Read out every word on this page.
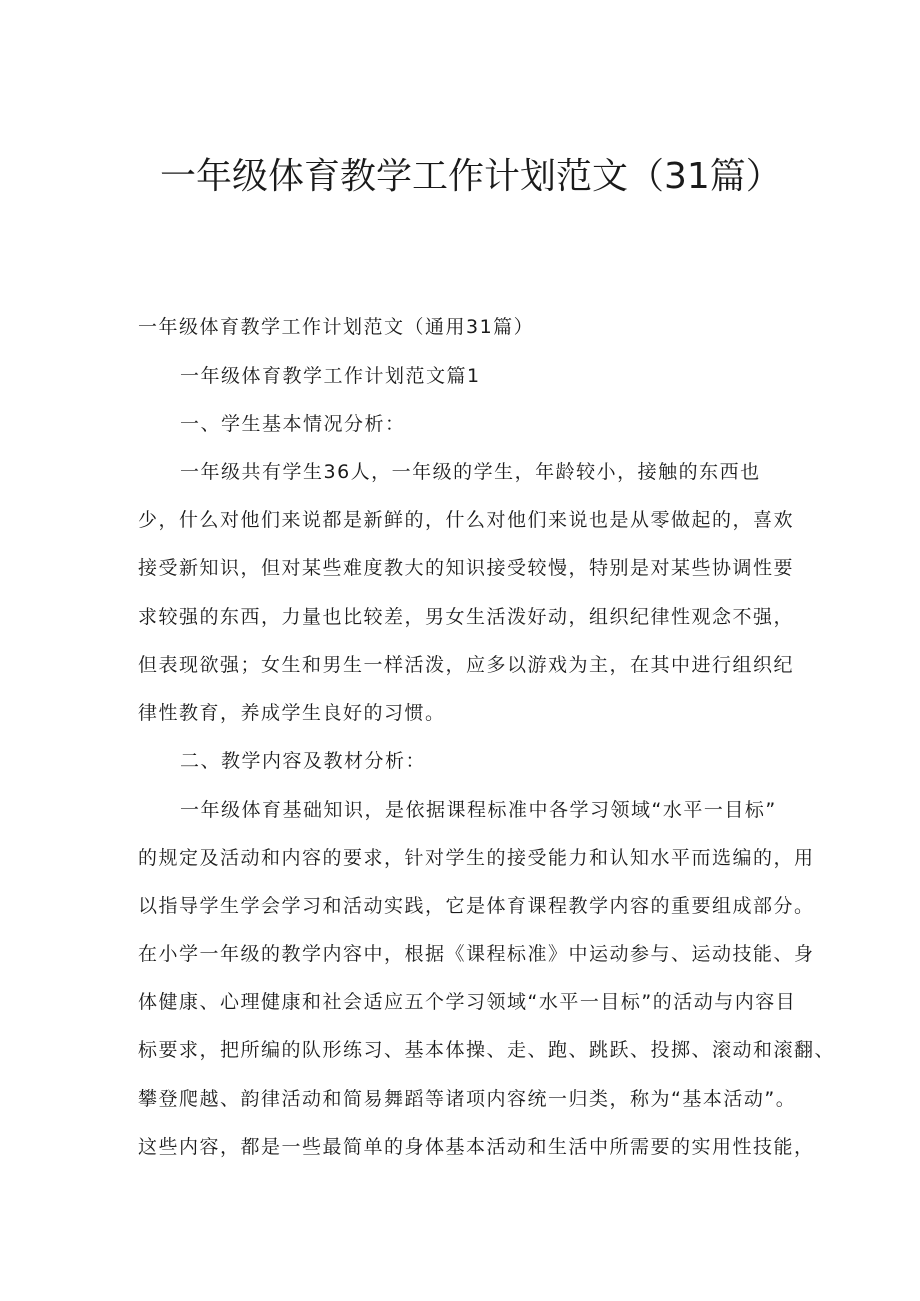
一年级体育教学工作计划范文（31篇）
一年级体育教学工作计划范文（通用31篇）
一年级体育教学工作计划范文篇1
一、学生基本情况分析：
一年级共有学生36人，一年级的学生，年龄较小，接触的东西也
少，什么对他们来说都是新鲜的，什么对他们来说也是从零做起的，喜欢
接受新知识，但对某些难度教大的知识接受较慢，特别是对某些协调性要
求较强的东西，力量也比较差，男女生活泼好动，组织纪律性观念不强，
但表现欲强；女生和男生一样活泼，应多以游戏为主，在其中进行组织纪
律性教育，养成学生良好的习惯。
二、教学内容及教材分析：
一年级体育基础知识，是依据课程标准中各学习领域“水平一目标”
的规定及活动和内容的要求，针对学生的接受能力和认知水平而选编的，用
以指导学生学会学习和活动实践，它是体育课程教学内容的重要组成部分。
在小学一年级的教学内容中，根据《课程标准》中运动参与、运动技能、身
体健康、心理健康和社会适应五个学习领域“水平一目标”的活动与内容目
标要求，把所编的队形练习、基本体操、走、跑、跳跃、投掷、滚动和滚翻、
攀登爬越、韵律活动和简易舞蹈等诸项内容统一归类，称为“基本活动”。
这些内容，都是一些最简单的身体基本活动和生活中所需要的实用性技能，
